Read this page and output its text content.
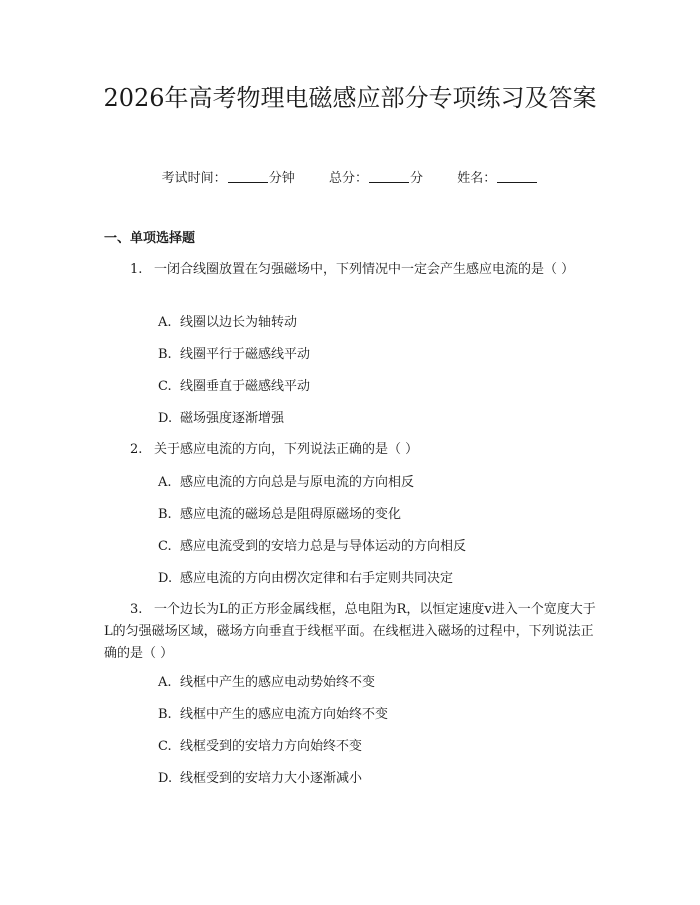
2026年高考物理电磁感应部分专项练习及答案
考试时间：	分钟	总分：	分	姓名：
一、单项选择题

1. 一闭合线圈放置在匀强磁场中，下列情况中一定会产生感应电流的是（ ）

A. 线圈以边长为轴转动
B. 线圈平行于磁感线平动
C. 线圈垂直于磁感线平动
D. 磁场强度逐渐增强

2. 关于感应电流的方向，下列说法正确的是（ ）

A. 感应电流的方向总是与原电流的方向相反
B. 感应电流的磁场总是阻碍原磁场的变化
C. 感应电流受到的安培力总是与导体运动的方向相反
D. 感应电流的方向由楞次定律和右手定则共同决定

3. 一个边长为L的正方形金属线框，总电阻为R，以恒定速度v进入一个宽度大于L的匀强磁场区域，磁场方向垂直于线框平面。在线框进入磁场的过程中，下列说法正确的是（ ）

A. 线框中产生的感应电动势始终不变
B. 线框中产生的感应电流方向始终不变
C. 线框受到的安培力方向始终不变
D. 线框受到的安培力大小逐渐减小
